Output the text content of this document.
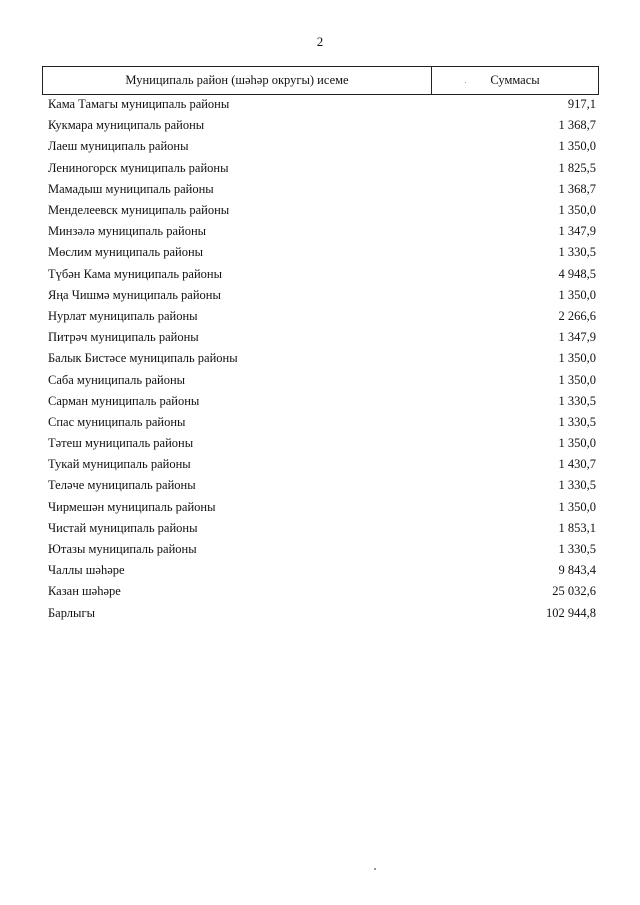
2
Муниципаль район (шәһәр округы) исеме	Суммасы
Кама Тамагы муниципаль районы	917,1
Кукмара муниципаль районы	1 368,7
Лаеш муниципаль районы	1 350,0
Лениногорск муниципаль районы	1 825,5
Мамадыш муниципаль районы	1 368,7
Менделеевск муниципаль районы	1 350,0
Минзәлә муниципаль районы	1 347,9
Мөслим муниципаль районы	1 330,5
Түбән Кама муниципаль районы	4 948,5
Яңа Чишмә муниципаль районы	1 350,0
Нурлат муниципаль районы	2 266,6
Питрәч муниципаль районы	1 347,9
Балык Бистәсе муниципаль районы	1 350,0
Саба муниципаль районы	1 350,0
Сарман муниципаль районы	1 330,5
Спас муниципаль районы	1 330,5
Тәтеш муниципаль районы	1 350,0
Тукай муниципаль районы	1 430,7
Теләче муниципаль районы	1 330,5
Чирмешән муниципаль районы	1 350,0
Чистай муниципаль районы	1 853,1
Ютазы муниципаль районы	1 330,5
Чаллы шәһәре	9 843,4
Казан шәһәре	25 032,6
Барлыгы	102 944,8
